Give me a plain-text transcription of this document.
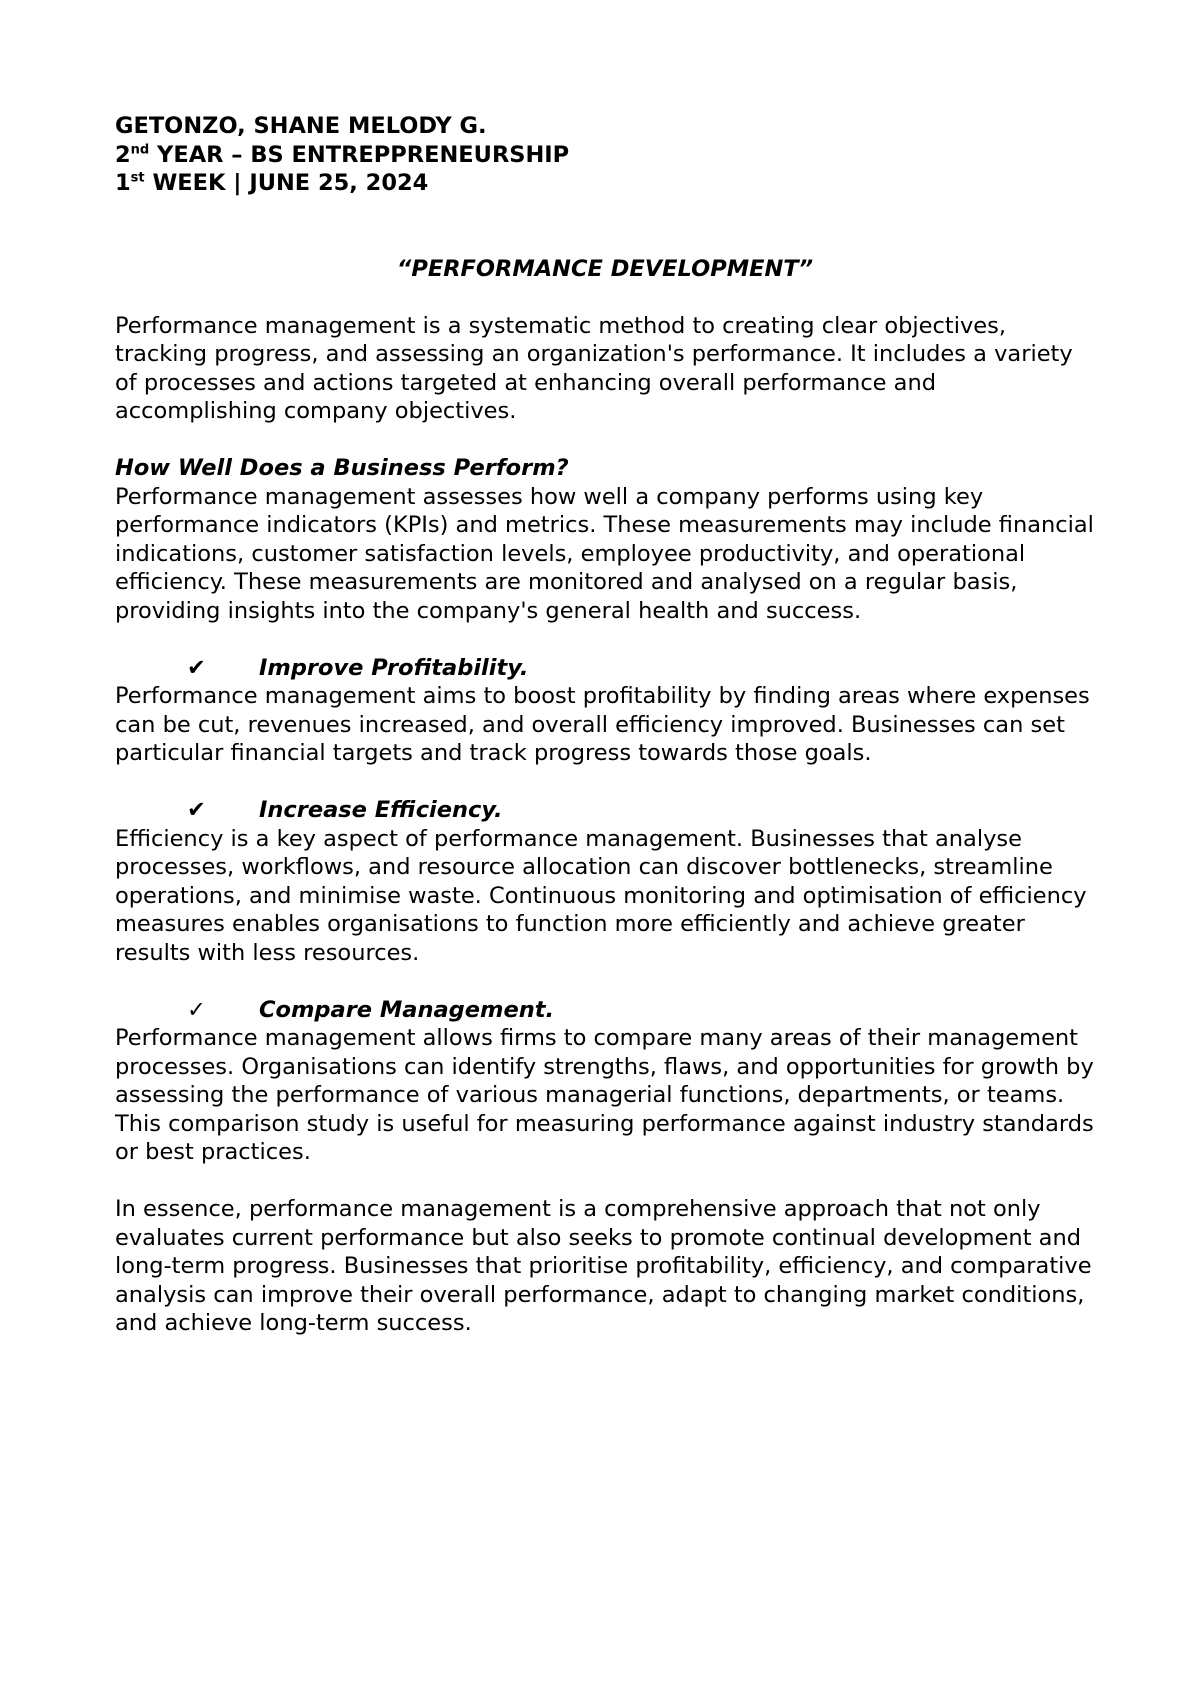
GETONZO, SHANE MELODY G.

2nd YEAR – BS ENTREPPRENEURSHIP

1st WEEK | JUNE 25, 2024

“PERFORMANCE DEVELOPMENT”

Performance management is a systematic method to creating clear objectives, tracking progress, and assessing an organization's performance. It includes a variety of processes and actions targeted at enhancing overall performance and accomplishing company objectives.

How Well Does a Business Perform?

Performance management assesses how well a company performs using key performance indicators (KPIs) and metrics. These measurements may include financial indications, customer satisfaction levels, employee productivity, and operational efficiency. These measurements are monitored and analysed on a regular basis, providing insights into the company's general health and success.

✔	Improve Profitability.

Performance management aims to boost profitability by finding areas where expenses can be cut, revenues increased, and overall efficiency improved. Businesses can set particular financial targets and track progress towards those goals.

✔	Increase Efficiency.

Efficiency is a key aspect of performance management. Businesses that analyse processes, workflows, and resource allocation can discover bottlenecks, streamline operations, and minimise waste. Continuous monitoring and optimisation of efficiency measures enables organisations to function more efficiently and achieve greater results with less resources.

✓	Compare Management.

Performance management allows firms to compare many areas of their management processes. Organisations can identify strengths, flaws, and opportunities for growth by assessing the performance of various managerial functions, departments, or teams. This comparison study is useful for measuring performance against industry standards or best practices.

In essence, performance management is a comprehensive approach that not only evaluates current performance but also seeks to promote continual development and long-term progress. Businesses that prioritise profitability, efficiency, and comparative analysis can improve their overall performance, adapt to changing market conditions, and achieve long-term success.
